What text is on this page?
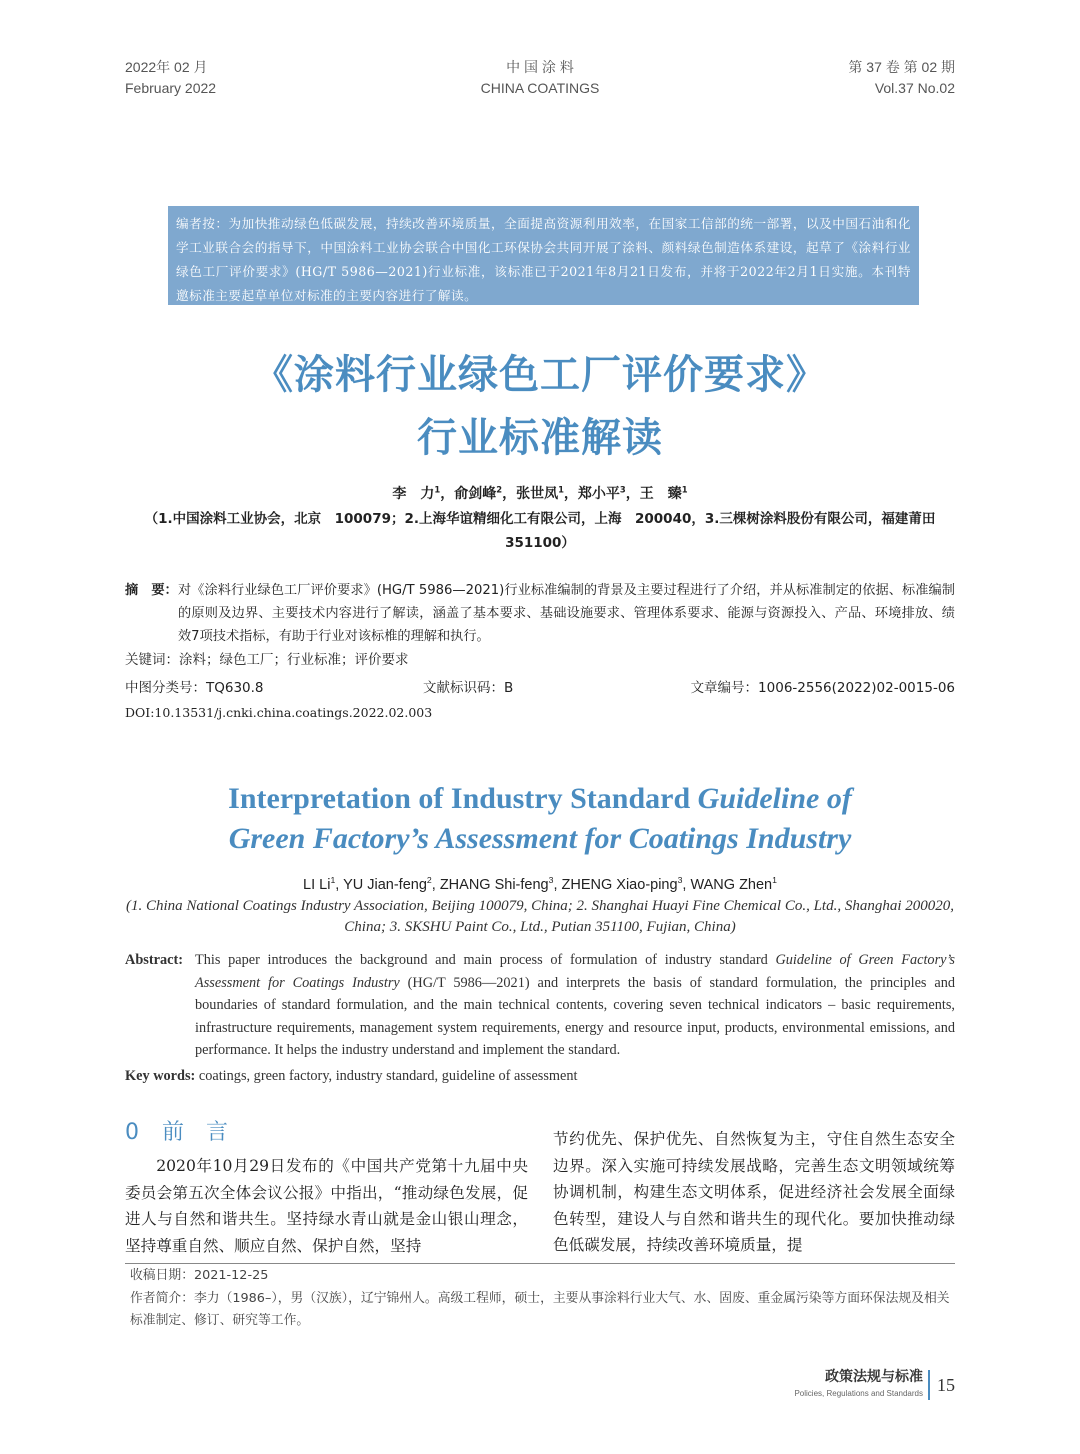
2022年 02 月
February 2022
中 国 涂 料
CHINA COATINGS
第 37 卷 第 02 期
Vol.37 No.02
编者按：为加快推动绿色低碳发展，持续改善环境质量，全面提高资源利用效率，在国家工信部的统一部署，以及中国石油和化学工业联合会的指导下，中国涂料工业协会联合中国化工环保协会共同开展了涂料、颜料绿色制造体系建设，起草了《涂料行业绿色工厂评价要求》(HG/T 5986—2021)行业标准，该标准已于2021年8月21日发布，并将于2022年2月1日实施。本刊特邀标准主要起草单位对标准的主要内容进行了解读。
《涂料行业绿色工厂评价要求》
行业标准解读
李　力$^1$，俞剑峰$^2$，张世凤$^1$，郑小平$^3$，王　臻$^1$
（1.中国涂料工业协会，北京　100079；2.上海华谊精细化工有限公司，上海　200040，3.三棵树涂料股份有限公司，福建莆田　351100）
摘　要： 对《涂料行业绿色工厂评价要求》(HG/T 5986—2021)行业标准编制的背景及主要过程进行了介绍，并从标准制定的依据、标准编制的原则及边界、主要技术内容进行了解读，涵盖了基本要求、基础设施要求、管理体系要求、能源与资源投入、产品、环境排放、绩效7项技术指标，有助于行业对该标椎的理解和执行。
关键词：涂料；绿色工厂；行业标准；评价要求
中图分类号：TQ630.8	文献标识码：B	文章编号：1006-2556(2022)02-0015-06
DOI:10.13531/j.cnki.china.coatings.2022.02.003
Interpretation of Industry Standard Guideline of
Green Factory’s Assessment for Coatings Industry
LI Li$^1$, YU Jian-feng$^2$, ZHANG Shi-feng$^3$, ZHENG Xiao-ping$^3$, WANG Zhen$^1$
(1. China National Coatings Industry Association, Beijing 100079, China; 2. Shanghai Huayi Fine Chemical Co., Ltd., Shanghai 200020, China; 3. SKSHU Paint Co., Ltd., Putian 351100, Fujian, China)
Abstract: This paper introduces the background and main process of formulation of industry standard Guideline of Green Factory’s Assessment for Coatings Industry (HG/T 5986—2021) and interprets the basis of standard formulation, the principles and boundaries of standard formulation, and the main technical contents, covering seven technical indicators – basic requirements, infrastructure requirements, management system requirements, energy and resource input, products, environmental emissions, and performance. It helps the industry understand and implement the standard.
Key words: coatings, green factory, industry standard, guideline of assessment
0 前　言
2020年10月29日发布的《中国共产党第十九届中央委员会第五次全体会议公报》中指出，“推动绿色发展，促进人与自然和谐共生。坚持绿水青山就是金山银山理念，坚持尊重自然、顺应自然、保护自然，坚持
节约优先、保护优先、自然恢复为主，守住自然生态安全边界。深入实施可持续发展战略，完善生态文明领域统筹协调机制，构建生态文明体系，促进经济社会发展全面绿色转型，建设人与自然和谐共生的现代化。要加快推动绿色低碳发展，持续改善环境质量，提
收稿日期：2021-12-25
作者简介：李力（1986–），男（汉族），辽宁锦州人。高级工程师，硕士，主要从事涂料行业大气、水、固废、重金属污染等方面环保法规及相关标准制定、修订、研究等工作。
政策法规与标准
Policies, Regulations and Standards 15
